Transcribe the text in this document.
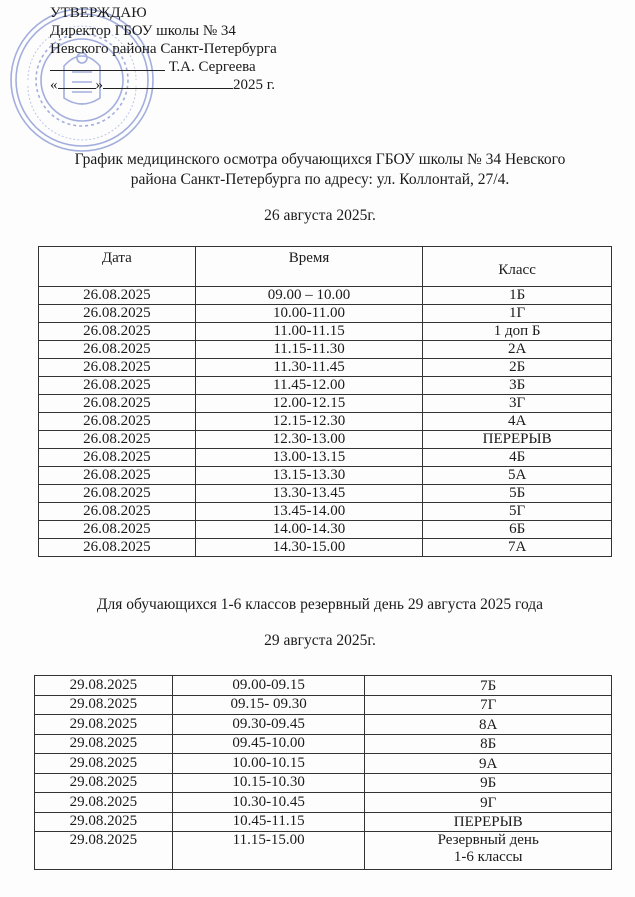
УТВЕРЖДАЮ
Директор ГБОУ школы № 34
Невского района Санкт-Петербурга
Т.А. Сергеева
«	»	2025 г.
График медицинского осмотра обучающихся ГБОУ школы № 34 Невского
района Санкт-Петербурга по адресу: ул. Коллонтай, 27/4.
26 августа 2025г.
Дата	Время	Класс
26.08.2025	09.00 – 10.00	1Б
26.08.2025	10.00-11.00	1Г
26.08.2025	11.00-11.15	1 доп Б
26.08.2025	11.15-11.30	2А
26.08.2025	11.30-11.45	2Б
26.08.2025	11.45-12.00	3Б
26.08.2025	12.00-12.15	3Г
26.08.2025	12.15-12.30	4А
26.08.2025	12.30-13.00	ПЕРЕРЫВ
26.08.2025	13.00-13.15	4Б
26.08.2025	13.15-13.30	5А
26.08.2025	13.30-13.45	5Б
26.08.2025	13.45-14.00	5Г
26.08.2025	14.00-14.30	6Б
26.08.2025	14.30-15.00	7А
Для обучающихся 1-6 классов резервный день 29 августа 2025 года
29 августа 2025г.
29.08.2025	09.00-09.15	7Б
29.08.2025	09.15- 09.30	7Г
29.08.2025	09.30-09.45	8А
29.08.2025	09.45-10.00	8Б
29.08.2025	10.00-10.15	9А
29.08.2025	10.15-10.30	9Б
29.08.2025	10.30-10.45	9Г
29.08.2025	10.45-11.15	ПЕРЕРЫВ
29.08.2025	11.15-15.00	Резервный день
1-6 классы
